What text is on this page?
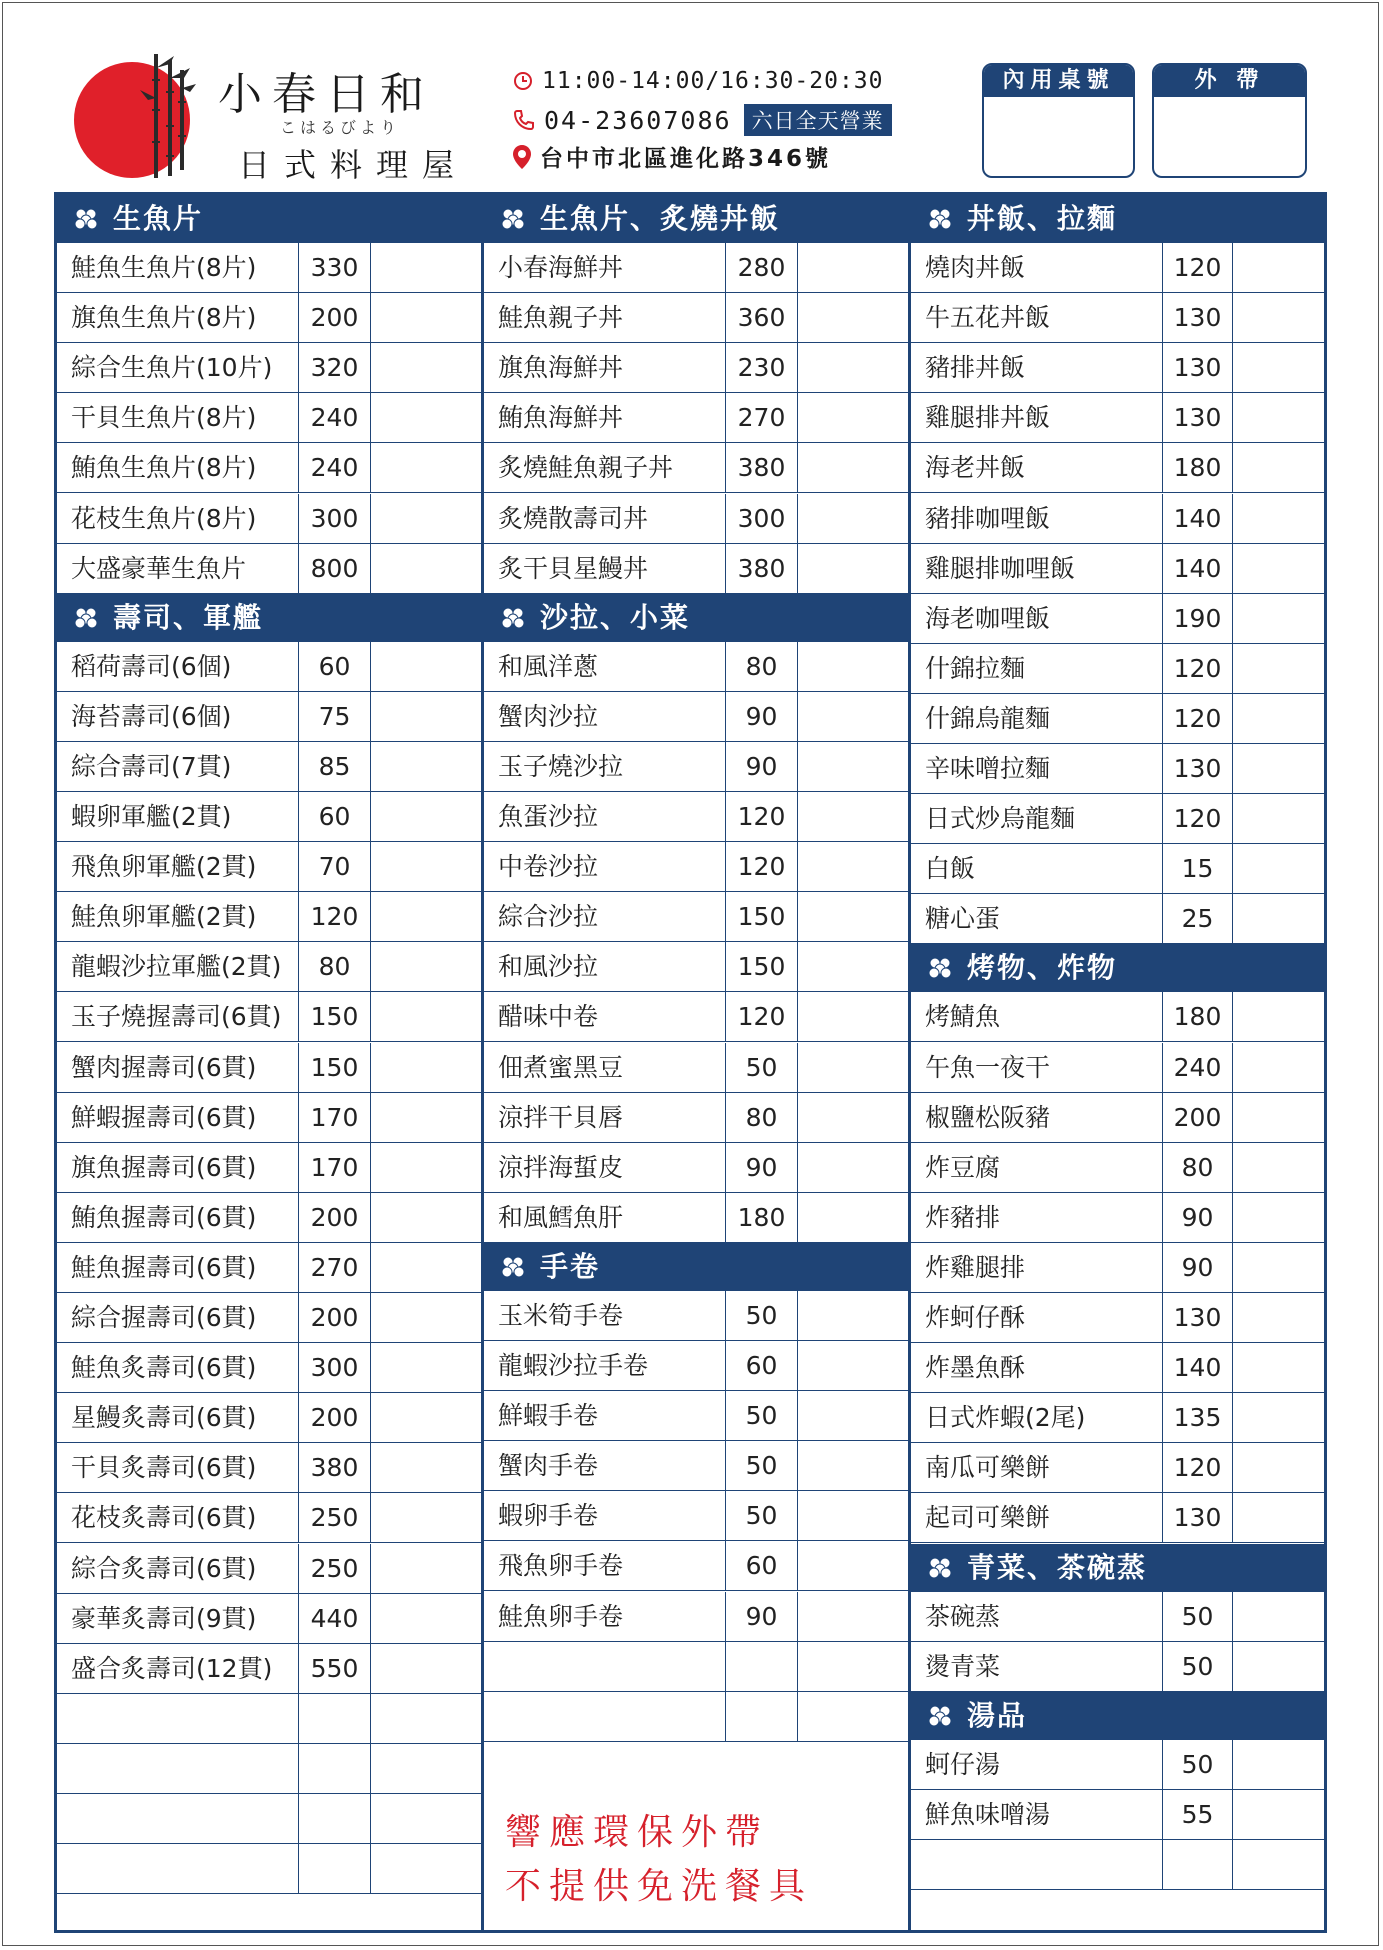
小春日和
こはるびより
日式料理屋
11:00-14:00/16:30-20:30
04-23607086 六日全天營業
台中市北區進化路346號
內用桌號	外 帶
生魚片
鮭魚生魚片(8片)	330
旗魚生魚片(8片)	200
綜合生魚片(10片)	320
干貝生魚片(8片)	240
鮪魚生魚片(8片)	240
花枝生魚片(8片)	300
大盛豪華生魚片	800
壽司、軍艦
稻荷壽司(6個)	60
海苔壽司(6個)	75
綜合壽司(7貫)	85
蝦卵軍艦(2貫)	60
飛魚卵軍艦(2貫)	70
鮭魚卵軍艦(2貫)	120
龍蝦沙拉軍艦(2貫)	80
玉子燒握壽司(6貫)	150
蟹肉握壽司(6貫)	150
鮮蝦握壽司(6貫)	170
旗魚握壽司(6貫)	170
鮪魚握壽司(6貫)	200
鮭魚握壽司(6貫)	270
綜合握壽司(6貫)	200
鮭魚炙壽司(6貫)	300
星鰻炙壽司(6貫)	200
干貝炙壽司(6貫)	380
花枝炙壽司(6貫)	250
綜合炙壽司(6貫)	250
豪華炙壽司(9貫)	440
盛合炙壽司(12貫)	550
生魚片、炙燒丼飯
小春海鮮丼	280
鮭魚親子丼	360
旗魚海鮮丼	230
鮪魚海鮮丼	270
炙燒鮭魚親子丼	380
炙燒散壽司丼	300
炙干貝星鰻丼	380
沙拉、小菜
和風洋蔥	80
蟹肉沙拉	90
玉子燒沙拉	90
魚蛋沙拉	120
中卷沙拉	120
綜合沙拉	150
和風沙拉	150
醋味中卷	120
佃煮蜜黑豆	50
涼拌干貝唇	80
涼拌海蜇皮	90
和風鱈魚肝	180
手卷
玉米筍手卷	50
龍蝦沙拉手卷	60
鮮蝦手卷	50
蟹肉手卷	50
蝦卵手卷	50
飛魚卵手卷	60
鮭魚卵手卷	90
丼飯、拉麵
燒肉丼飯	120
牛五花丼飯	130
豬排丼飯	130
雞腿排丼飯	130
海老丼飯	180
豬排咖哩飯	140
雞腿排咖哩飯	140
海老咖哩飯	190
什錦拉麵	120
什錦烏龍麵	120
辛味噌拉麵	130
日式炒烏龍麵	120
白飯	15
糖心蛋	25
烤物、炸物
烤鯖魚	180
午魚一夜干	240
椒鹽松阪豬	200
炸豆腐	80
炸豬排	90
炸雞腿排	90
炸蚵仔酥	130
炸墨魚酥	140
日式炸蝦(2尾)	135
南瓜可樂餅	120
起司可樂餅	130
青菜、茶碗蒸
茶碗蒸	50
燙青菜	50
湯品
蚵仔湯	50
鮮魚味噌湯	55
響應環保外帶
不提供免洗餐具
